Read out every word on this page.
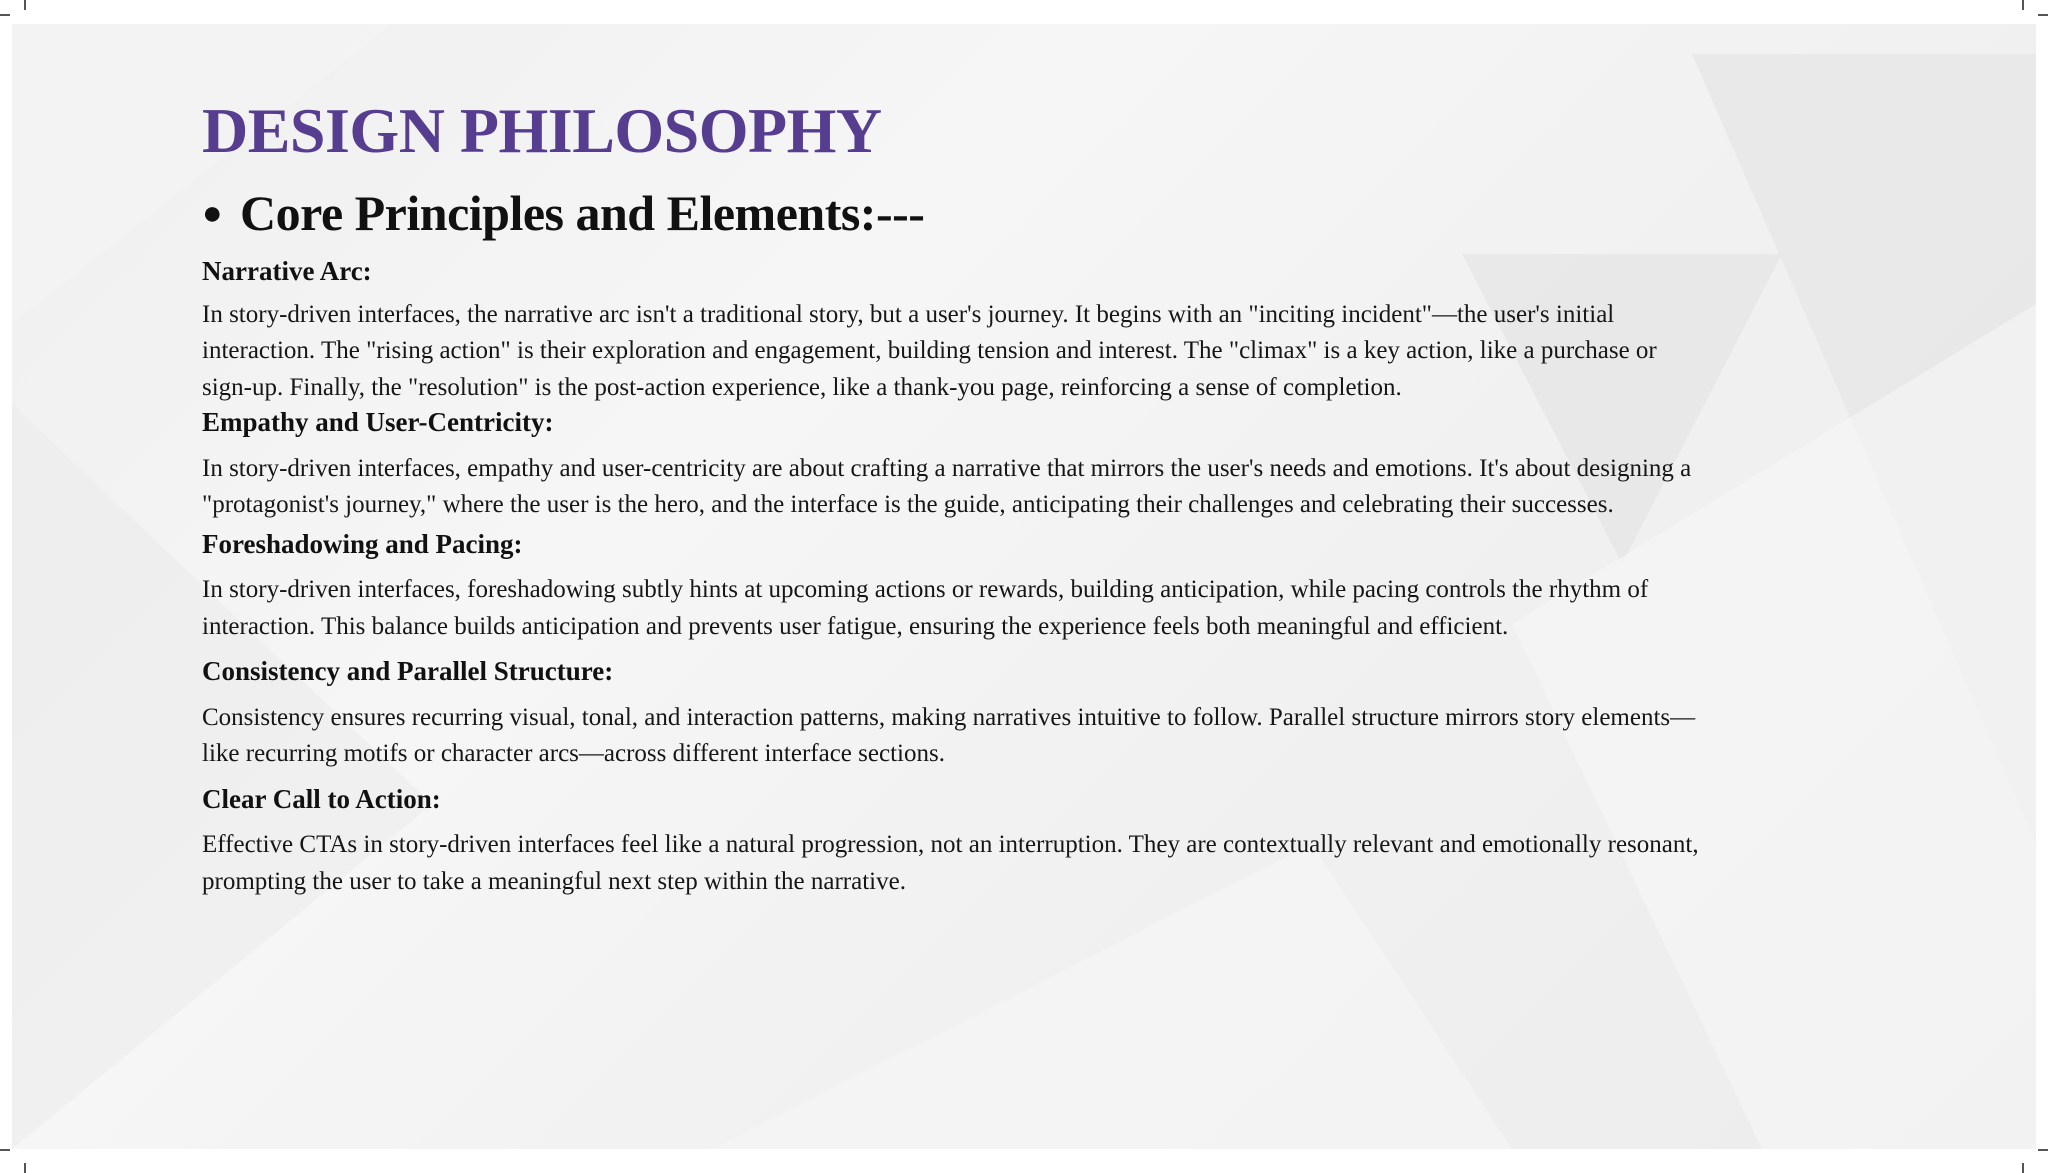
DESIGN PHILOSOPHY
● Core Principles and Elements:---
Narrative Arc:

In story-driven interfaces, the narrative arc isn't a traditional story, but a user's journey. It begins with an "inciting incident"—the user's initial interaction. The "rising action" is their exploration and engagement, building tension and interest. The "climax" is a key action, like a purchase or sign-up. Finally, the "resolution" is the post-action experience, like a thank-you page, reinforcing a sense of completion.

Empathy and User-Centricity:

In story-driven interfaces, empathy and user-centricity are about crafting a narrative that mirrors the user's needs and emotions. It's about designing a "protagonist's journey," where the user is the hero, and the interface is the guide, anticipating their challenges and celebrating their successes.

Foreshadowing and Pacing:

In story-driven interfaces, foreshadowing subtly hints at upcoming actions or rewards, building anticipation, while pacing controls the rhythm of interaction. This balance builds anticipation and prevents user fatigue, ensuring the experience feels both meaningful and efficient.

Consistency and Parallel Structure:

Consistency ensures recurring visual, tonal, and interaction patterns, making narratives intuitive to follow. Parallel structure mirrors story elements—like recurring motifs or character arcs—across different interface sections.

Clear Call to Action:

Effective CTAs in story-driven interfaces feel like a natural progression, not an interruption. They are contextually relevant and emotionally resonant, prompting the user to take a meaningful next step within the narrative.
